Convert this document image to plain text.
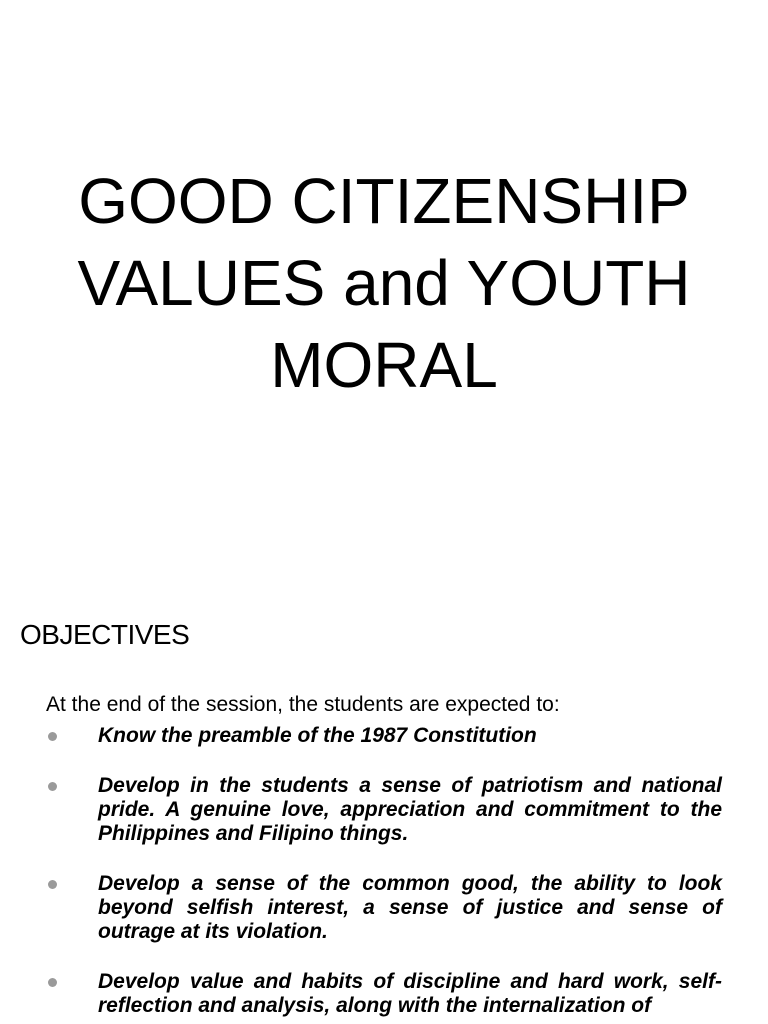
GOOD CITIZENSHIP
VALUES and YOUTH
MORAL
OBJECTIVES
At the end of the session, the students are expected to:
Know the preamble of the 1987 Constitution
Develop in the students a sense of patriotism and national pride. A genuine love, appreciation and commitment to the Philippines and Filipino things.
Develop a sense of the common good, the ability to look beyond selfish interest, a sense of justice and sense of outrage at its violation.
Develop value and habits of discipline and hard work, self-reflection and analysis, along with the internalization of
